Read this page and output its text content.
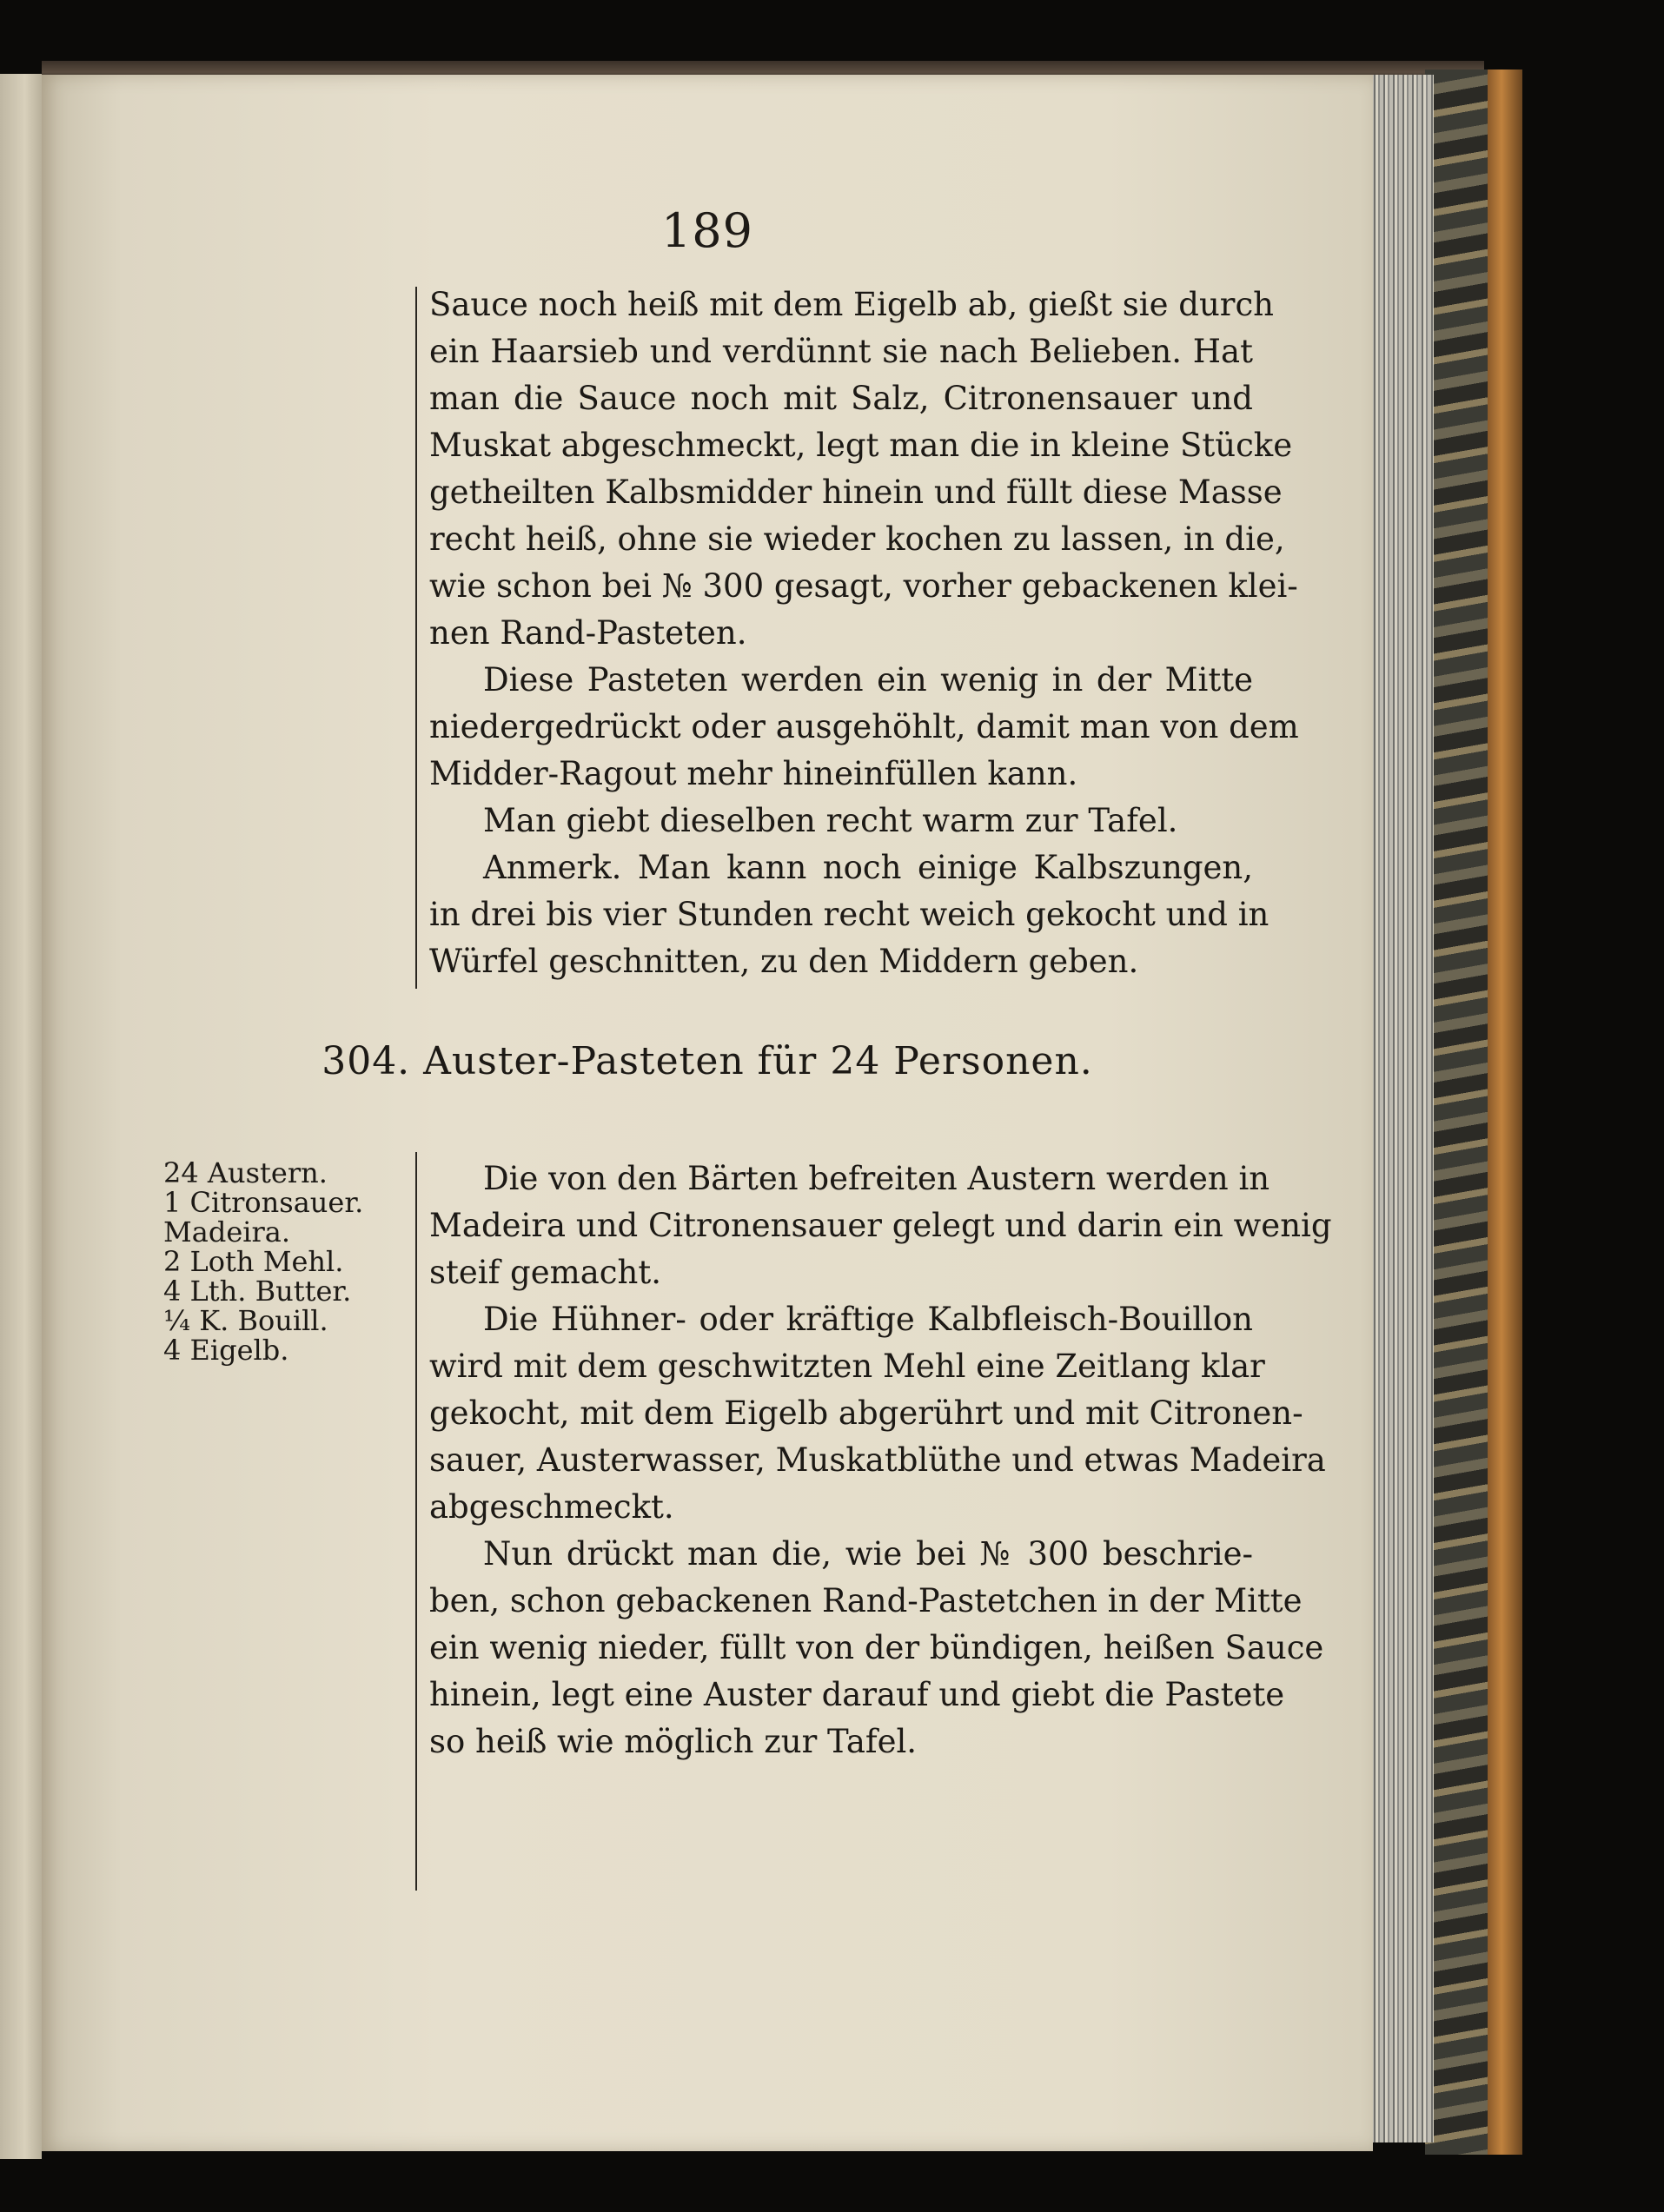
189
Sauce noch heiß mit dem Eigelb ab, gießt sie durch
ein Haarsieb und verdünnt sie nach Belieben. Hat
man die Sauce noch mit Salz, Citronensauer und
Muskat abgeschmeckt, legt man die in kleine Stücke
getheilten Kalbsmidder hinein und füllt diese Masse
recht heiß, ohne sie wieder kochen zu lassen, in die,
wie schon bei № 300 gesagt, vorher gebackenen klei-
nen Rand-Pasteten.
Diese Pasteten werden ein wenig in der Mitte
niedergedrückt oder ausgehöhlt, damit man von dem
Midder-Ragout mehr hineinfüllen kann.
Man giebt dieselben recht warm zur Tafel.
Anmerk. Man kann noch einige Kalbszungen,
in drei bis vier Stunden recht weich gekocht und in
Würfel geschnitten, zu den Middern geben.
304. Auster-Pasteten für 24 Personen.
24 Austern.
1 Citronsauer.
Madeira.
2 Loth Mehl.
4 Lth. Butter.
¼ K. Bouill.
4 Eigelb.
Die von den Bärten befreiten Austern werden in
Madeira und Citronensauer gelegt und darin ein wenig
steif gemacht.
Die Hühner- oder kräftige Kalbfleisch-Bouillon
wird mit dem geschwitzten Mehl eine Zeitlang klar
gekocht, mit dem Eigelb abgerührt und mit Citronen-
sauer, Austerwasser, Muskatblüthe und etwas Madeira
abgeschmeckt.
Nun drückt man die, wie bei № 300 beschrie-
ben, schon gebackenen Rand-Pastetchen in der Mitte
ein wenig nieder, füllt von der bündigen, heißen Sauce
hinein, legt eine Auster darauf und giebt die Pastete
so heiß wie möglich zur Tafel.
